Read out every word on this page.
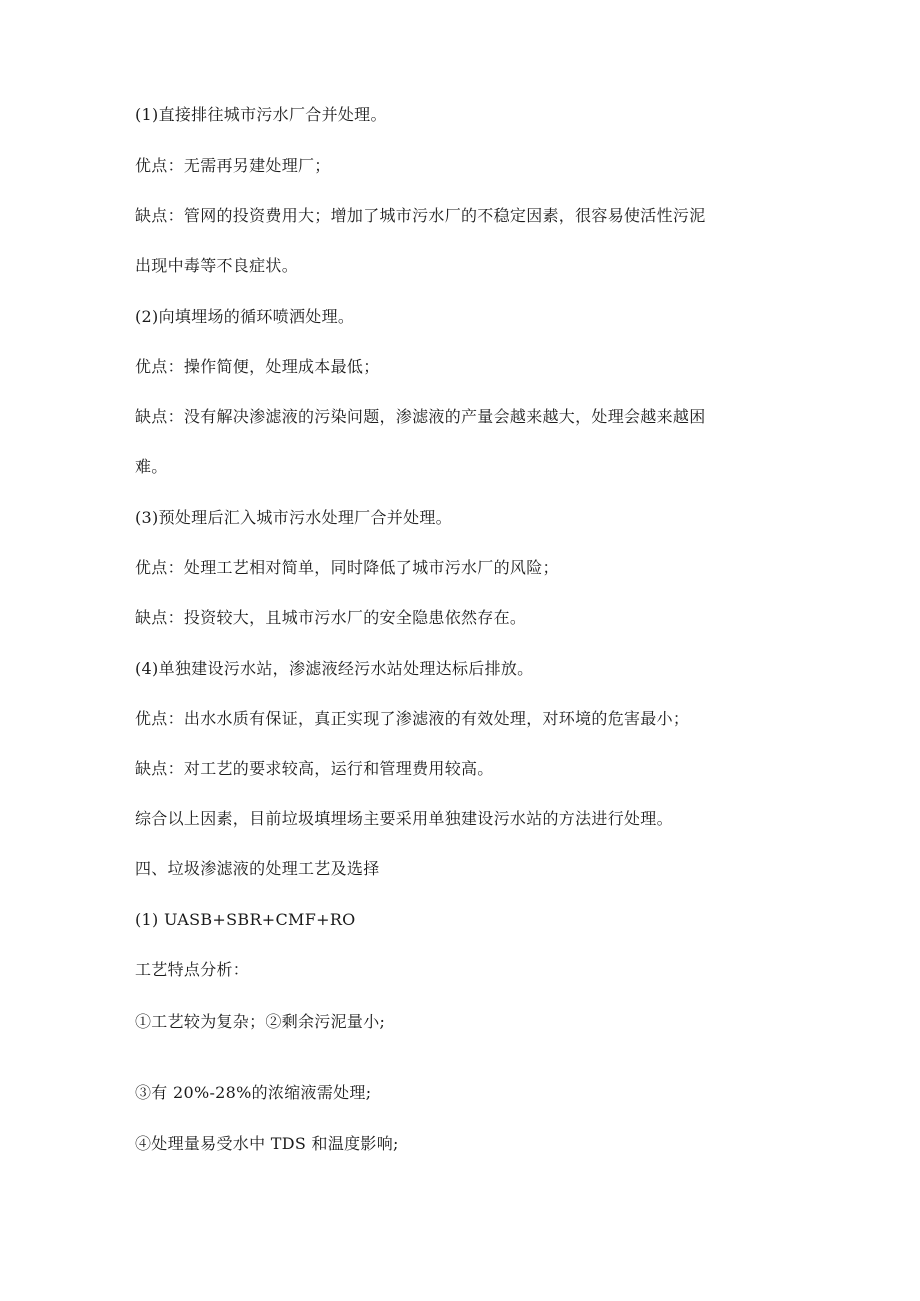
(1)直接排往城市污水厂合并处理。
优点：无需再另建处理厂；
缺点：管网的投资费用大；增加了城市污水厂的不稳定因素，很容易使活性污泥
出现中毒等不良症状。
(2)向填埋场的循环喷洒处理。
优点：操作简便，处理成本最低；
缺点：没有解决渗滤液的污染问题，渗滤液的产量会越来越大，处理会越来越困
难。
(3)预处理后汇入城市污水处理厂合并处理。
优点：处理工艺相对简单，同时降低了城市污水厂的风险；
缺点：投资较大，且城市污水厂的安全隐患依然存在。
(4)单独建设污水站，渗滤液经污水站处理达标后排放。
优点：出水水质有保证，真正实现了渗滤液的有效处理，对环境的危害最小；
缺点：对工艺的要求较高，运行和管理费用较高。
综合以上因素，目前垃圾填埋场主要采用单独建设污水站的方法进行处理。
四、垃圾渗滤液的处理工艺及选择
(1) UASB+SBR+CMF+RO
工艺特点分析：
①工艺较为复杂；②剩余污泥量小;
③有 20%-28%的浓缩液需处理;
④处理量易受水中 TDS 和温度影响;
